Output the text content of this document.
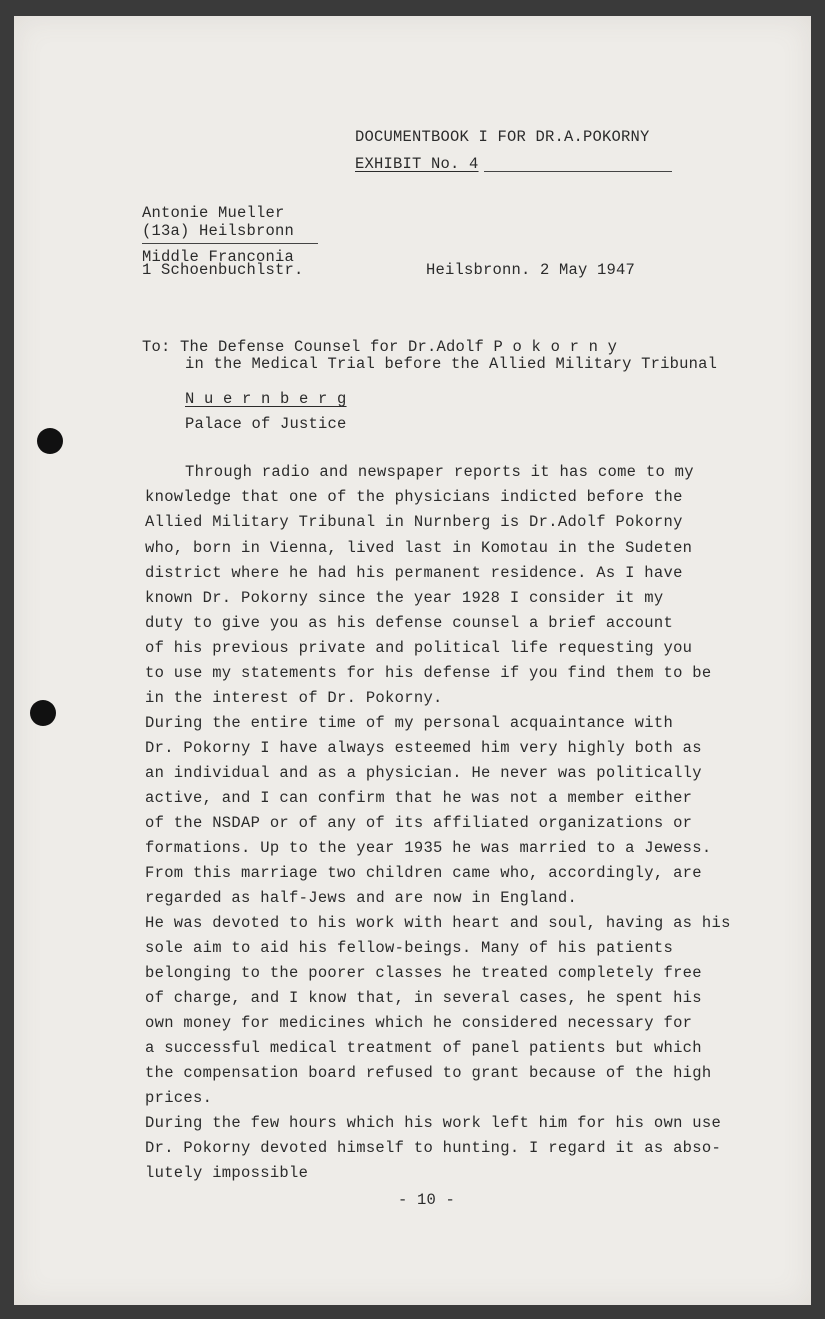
DOCUMENTBOOK I FOR DR.A.POKORNY
EXHIBIT No. 4
Antonie Mueller
(13a) Heilsbronn
Middle Franconia
1 Schoenbuchlstr.	Heilsbronn. 2 May 1947
To: The Defense Counsel for Dr.Adolf P o k o r n y
in the Medical Trial before the Allied Military Tribunal
N u e r n b e r g
Palace of Justice
Through radio and newspaper reports it has come to my
knowledge that one of the physicians indicted before the
Allied Military Tribunal in Nurnberg is Dr.Adolf Pokorny
who, born in Vienna, lived last in Komotau in the Sudeten
district where he had his permanent residence. As I have
known Dr. Pokorny since the year 1928 I consider it my
duty to give you as his defense counsel a brief account
of his previous private and political life requesting you
to use my statements for his defense if you find them to be
in the interest of Dr. Pokorny.
During the entire time of my personal acquaintance with
Dr. Pokorny I have always esteemed him very highly both as
an individual and as a physician. He never was politically
active, and I can confirm that he was not a member either
of the NSDAP or of any of its affiliated organizations or
formations. Up to the year 1935 he was married to a Jewess.
From this marriage two children came who, accordingly, are
regarded as half-Jews and are now in England.
He was devoted to his work with heart and soul, having as his
sole aim to aid his fellow-beings. Many of his patients
belonging to the poorer classes he treated completely free
of charge, and I know that, in several cases, he spent his
own money for medicines which he considered necessary for
a successful medical treatment of panel patients but which
the compensation board refused to grant because of the high
prices.
During the few hours which his work left him for his own use
Dr. Pokorny devoted himself to hunting. I regard it as abso-
lutely impossible
- 10 -
